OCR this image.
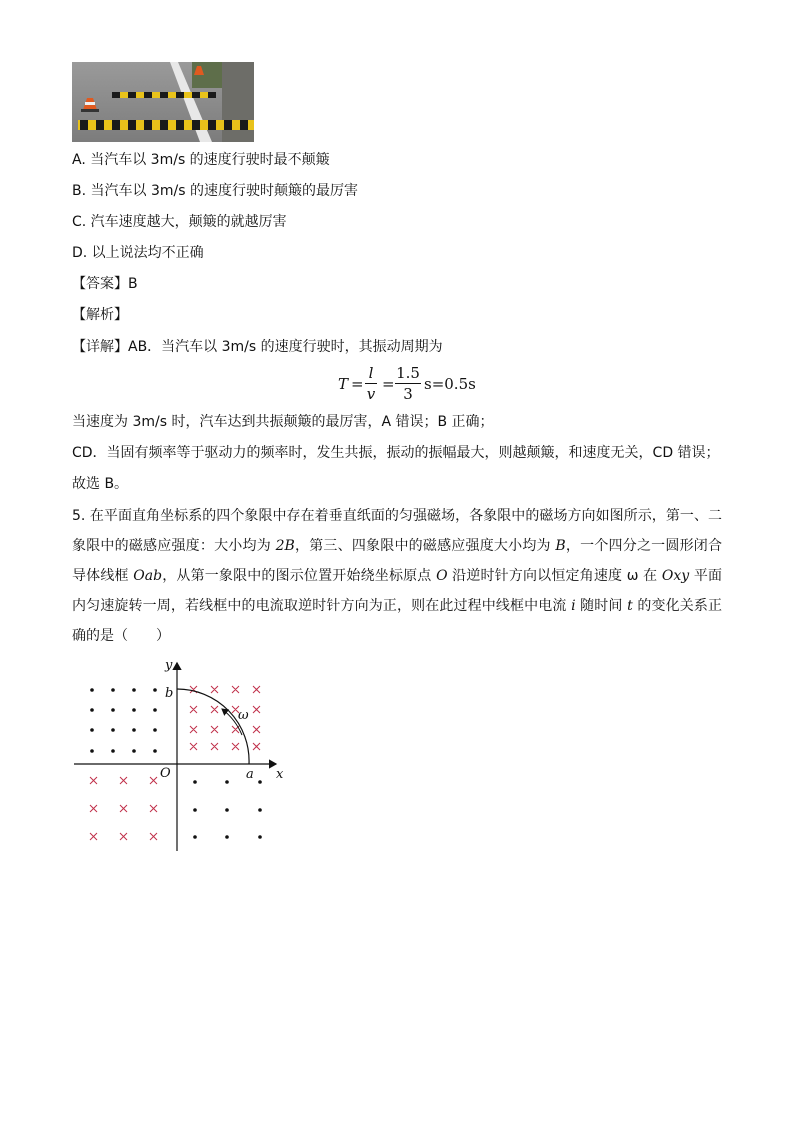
A. 当汽车以 3m/s 的速度行驶时最不颠簸
B. 当汽车以 3m/s 的速度行驶时颠簸的最厉害
C. 汽车速度越大，颠簸的就越厉害
D. 以上说法均不正确
【答案】B
【解析】
【详解】AB．当汽车以 3m/s 的速度行驶时，其振动周期为
T =
l
v
=
1.5
3
s=0.5s
当速度为 3m/s 时，汽车达到共振颠簸的最厉害，A 错误；B 正确；
CD．当固有频率等于驱动力的频率时，发生共振，振动的振幅最大，则越颠簸，和速度无关，CD 错误；
故选 B。
5. 在平面直角坐标系的四个象限中存在着垂直纸面的匀强磁场，各象限中的磁场方向如图所示，第一、二象限中的磁感应强度：大小均为 2B，第三、四象限中的磁感应强度大小均为 B，一个四分之一圆形闭合导体线框 Oab，从第一象限中的图示位置开始绕坐标原点 O 沿逆时针方向以恒定角速度 ω 在 Oxy 平面内匀速旋转一周，若线框中的电流取逆时针方向为正，则在此过程中线框中电流 i 随时间 t 的变化关系正确的是（　　）
y
b
O	a x
ω
